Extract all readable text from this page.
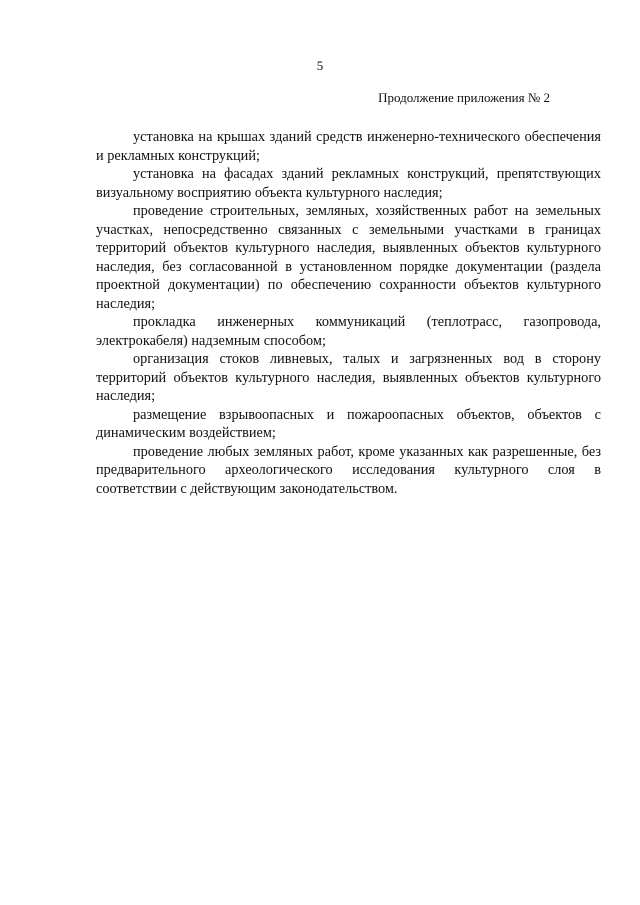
5
Продолжение приложения № 2

установка на крышах зданий средств инженерно-технического обеспечения и рекламных конструкций;

установка на фасадах зданий рекламных конструкций, препятствующих визуальному восприятию объекта культурного наследия;

проведение строительных, земляных, хозяйственных работ на земельных участках, непосредственно связанных с земельными участками в границах территорий объектов культурного наследия, выявленных объектов культурного наследия, без согласованной в установленном порядке документации (раздела проектной документации) по обеспечению сохранности объектов культурного наследия;

прокладка инженерных коммуникаций (теплотрасс, газопровода, электрокабеля) надземным способом;

организация стоков ливневых, талых и загрязненных вод в сторону территорий объектов культурного наследия, выявленных объектов культурного наследия;

размещение взрывоопасных и пожароопасных объектов, объектов с динамическим воздействием;

проведение любых земляных работ, кроме указанных как разрешенные, без предварительного археологического исследования культурного слоя в соответствии с действующим законодательством.
